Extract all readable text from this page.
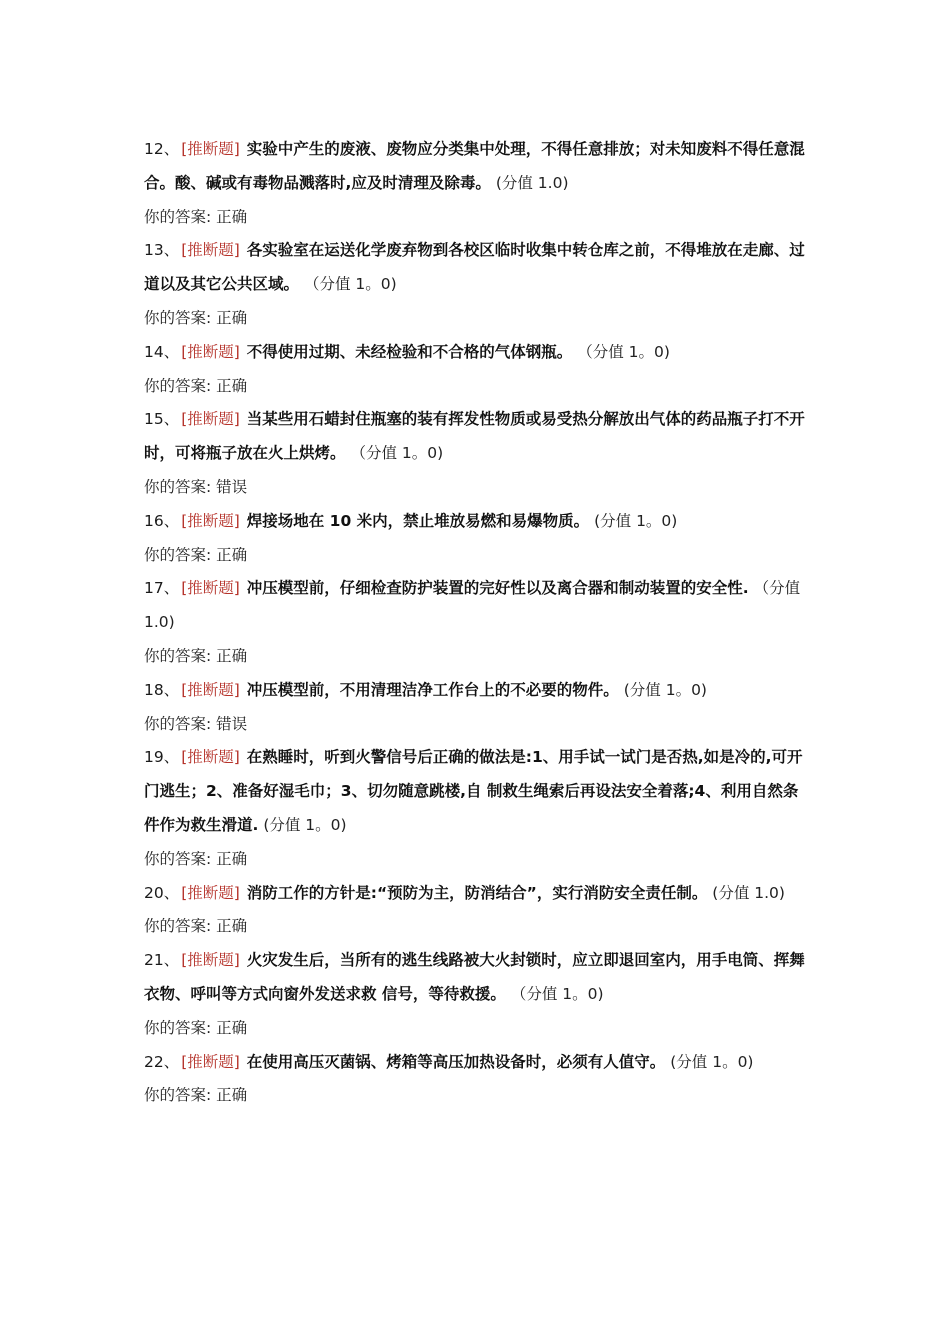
12、 [推断题] 实验中产生的废液、废物应分类集中处理，不得任意排放；对未知废料不得任意混合。酸、碱或有毒物品溅落时,应及时清理及除毒。 (分值 1.0)

你的答案: 正确

13、 [推断题] 各实验室在运送化学废弃物到各校区临时收集中转仓库之前，不得堆放在走廊、过道以及其它公共区域。 （分值 1。0)

你的答案: 正确

14、 [推断题] 不得使用过期、未经检验和不合格的气体钢瓶。 （分值 1。0)

你的答案: 正确

15、 [推断题] 当某些用石蜡封住瓶塞的装有挥发性物质或易受热分解放出气体的药品瓶子打不开时，可将瓶子放在火上烘烤。 （分值 1。0)

你的答案: 错误

16、 [推断题] 焊接场地在 10 米内，禁止堆放易燃和易爆物质。 (分值 1。0)

你的答案: 正确

17、 [推断题] 冲压模型前，仔细检查防护装置的完好性以及离合器和制动装置的安全性. （分值 1.0)

你的答案: 正确

18、 [推断题] 冲压模型前，不用清理洁净工作台上的不必要的物件。 (分值 1。0)

你的答案: 错误

19、 [推断题] 在熟睡时，听到火警信号后正确的做法是:1、用手试一试门是否热,如是冷的,可开门逃生；2、准备好湿毛巾；3、切勿随意跳楼,自 制救生绳索后再设法安全着落;4、利用自然条件作为救生滑道. (分值 1。0)

你的答案: 正确

20、 [推断题] 消防工作的方针是:“预防为主，防消结合”，实行消防安全责任制。 (分值 1.0)

你的答案: 正确

21、 [推断题] 火灾发生后，当所有的逃生线路被大火封锁时，应立即退回室内，用手电筒、挥舞衣物、呼叫等方式向窗外发送求救 信号，等待救援。 （分值 1。0)

你的答案: 正确

22、 [推断题] 在使用高压灭菌锅、烤箱等高压加热设备时，必须有人值守。 (分值 1。0)

你的答案: 正确
